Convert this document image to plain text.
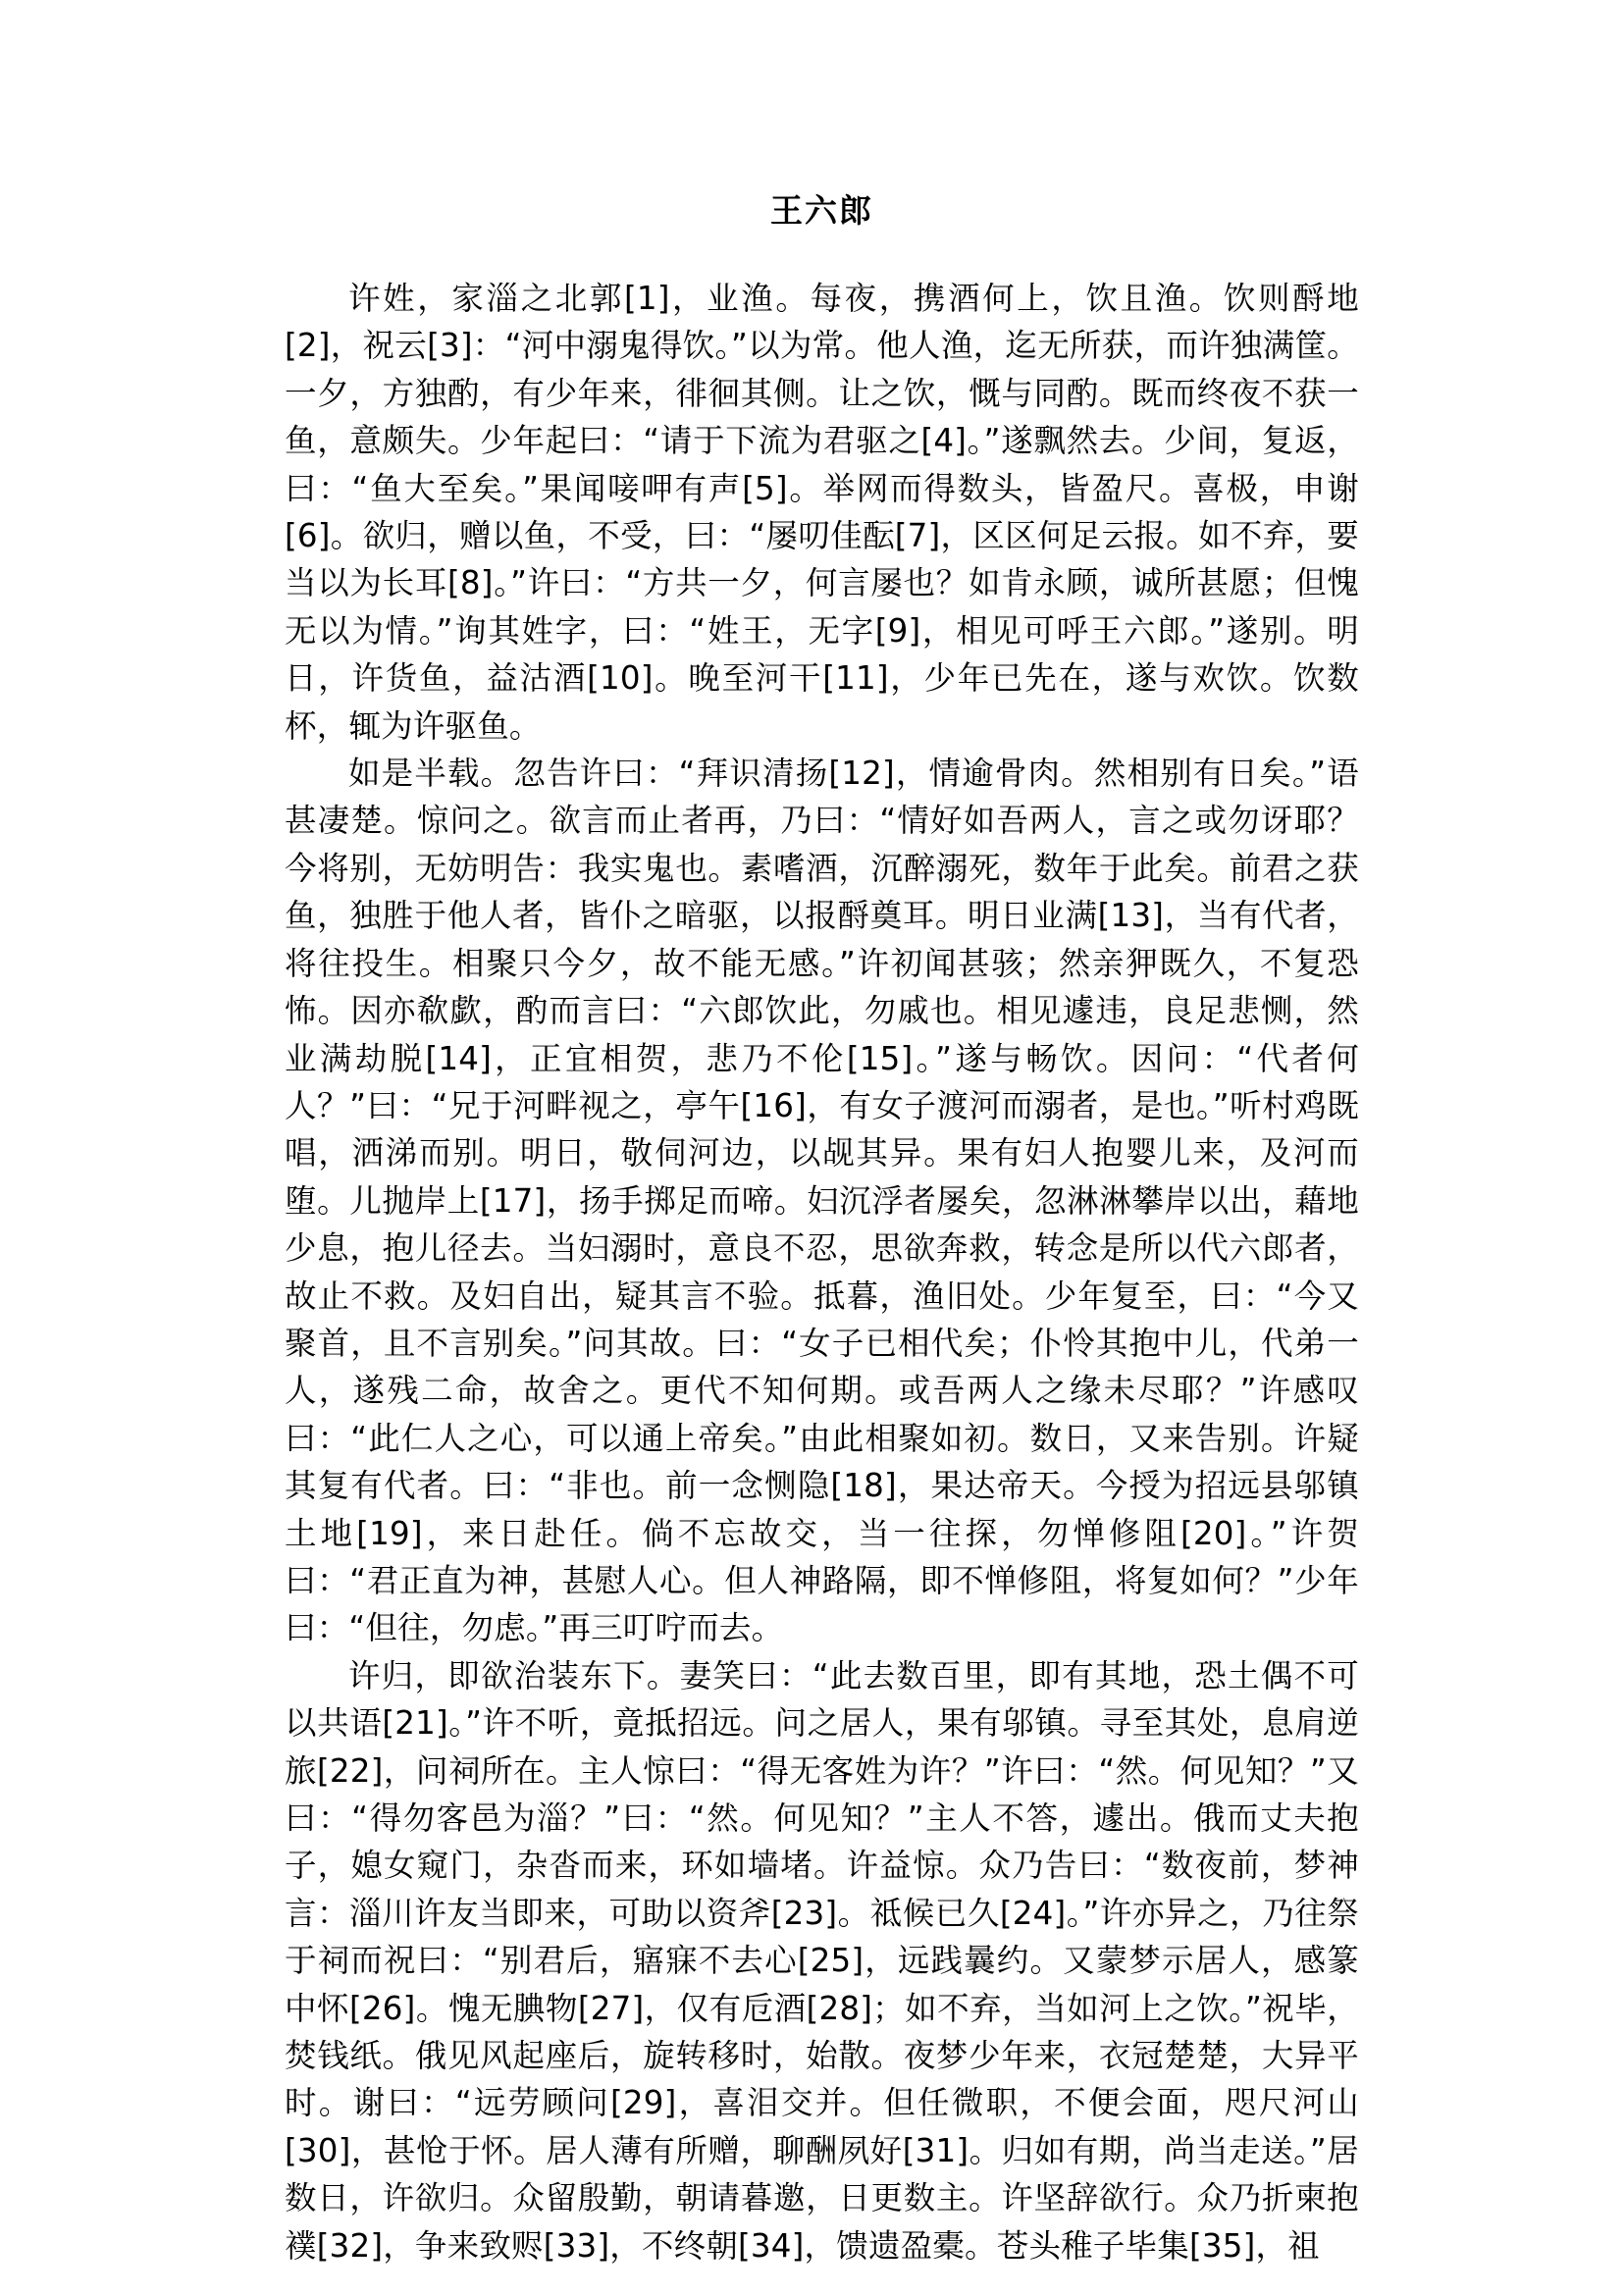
王六郎

许姓，家淄之北郭[1]，业渔。每夜，携酒何上，饮且渔。饮则酹地[2]，祝云[3]：“河中溺鬼得饮。”以为常。他人渔，迄无所获，而许独满筐。一夕，方独酌，有少年来，徘徊其侧。让之饮，慨与同酌。既而终夜不获一鱼，意颇失。少年起曰：“请于下流为君驱之[4]。”遂飘然去。少间，复返，曰：“鱼大至矣。”果闻唼呷有声[5]。举网而得数头，皆盈尺。喜极，申谢[6]。欲归，赠以鱼，不受，曰：“屡叨佳酝[7]，区区何足云报。如不弃，要当以为长耳[8]。”许曰：“方共一夕，何言屡也？如肯永顾，诚所甚愿；但愧无以为情。”询其姓字，曰：“姓王，无字[9]，相见可呼王六郎。”遂别。明日，许货鱼，益沽酒[10]。晚至河干[11]，少年已先在，遂与欢饮。饮数杯，辄为许驱鱼。

如是半载。忽告许曰：“拜识清扬[12]，情逾骨肉。然相别有日矣。”语甚凄楚。惊问之。欲言而止者再，乃曰：“情好如吾两人，言之或勿讶耶？今将别，无妨明告：我实鬼也。素嗜酒，沉醉溺死，数年于此矣。前君之获鱼，独胜于他人者，皆仆之暗驱，以报酹奠耳。明日业满[13]，当有代者，将往投生。相聚只今夕，故不能无感。”许初闻甚骇；然亲狎既久，不复恐怖。因亦欷歔，酌而言曰：“六郎饮此，勿戚也。相见遽违，良足悲恻，然业满劫脱[14]，正宜相贺，悲乃不伦[15]。”遂与畅饮。因问：“代者何人？”曰：“兄于河畔视之，亭午[16]，有女子渡河而溺者，是也。”听村鸡既唱，洒涕而别。明日，敬伺河边，以觇其异。果有妇人抱婴儿来，及河而堕。儿抛岸上[17]，扬手掷足而啼。妇沉浮者屡矣，忽淋淋攀岸以出，藉地少息，抱儿径去。当妇溺时，意良不忍，思欲奔救，转念是所以代六郎者，故止不救。及妇自出，疑其言不验。抵暮，渔旧处。少年复至，曰：“今又聚首，且不言别矣。”问其故。曰：“女子已相代矣；仆怜其抱中儿，代弟一人，遂残二命，故舍之。更代不知何期。或吾两人之缘未尽耶？”许感叹曰：“此仁人之心，可以通上帝矣。”由此相聚如初。数日，又来告别。许疑其复有代者。曰：“非也。前一念恻隐[18]，果达帝天。今授为招远县邬镇土地[19]，来日赴任。倘不忘故交，当一往探，勿惮修阻[20]。”许贺曰：“君正直为神，甚慰人心。但人神路隔，即不惮修阻，将复如何？”少年曰：“但往，勿虑。”再三叮咛而去。

许归，即欲治装东下。妻笑曰：“此去数百里，即有其地，恐土偶不可以共语[21]。”许不听，竟抵招远。问之居人，果有邬镇。寻至其处，息肩逆旅[22]，问祠所在。主人惊曰：“得无客姓为许？”许曰：“然。何见知？”又曰：“得勿客邑为淄？”曰：“然。何见知？”主人不答，遽出。俄而丈夫抱子，媳女窥门，杂沓而来，环如墙堵。许益惊。众乃告曰：“数夜前，梦神言：淄川许友当即来，可助以资斧[23]。祗候已久[24]。”许亦异之，乃往祭于祠而祝曰：“别君后，寤寐不去心[25]，远践曩约。又蒙梦示居人，感篆中怀[26]。愧无腆物[27]，仅有卮酒[28]；如不弃，当如河上之饮。”祝毕，焚钱纸。俄见风起座后，旋转移时，始散。夜梦少年来，衣冠楚楚，大异平时。谢曰：“远劳顾问[29]，喜泪交并。但任微职，不便会面，咫尺河山[30]，甚怆于怀。居人薄有所赠，聊酬夙好[31]。归如有期，尚当走送。”居数日，许欲归。众留殷勤，朝请暮邀，日更数主。许坚辞欲行。众乃折柬抱襆[32]，争来致赆[33]，不终朝[34]，馈遗盈橐。苍头稚子毕集[35]，祖
